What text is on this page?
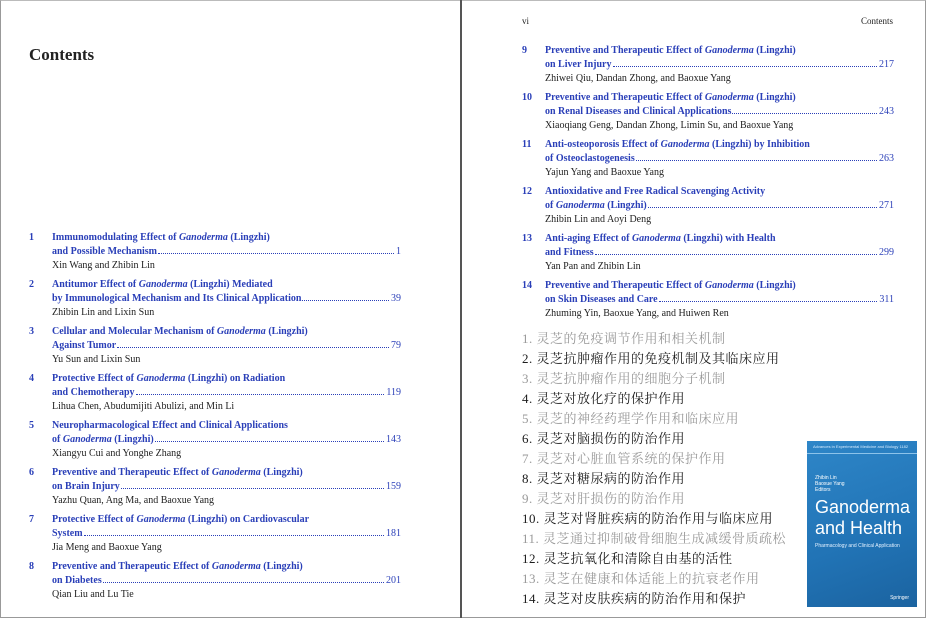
Contents
1 Immunomodulating Effect of Ganoderma (Lingzhi)
and Possible Mechanism	1
Xin Wang and Zhibin Lin
2 Antitumor Effect of Ganoderma (Lingzhi) Mediated
by Immunological Mechanism and Its Clinical Application	39
Zhibin Lin and Lixin Sun
3 Cellular and Molecular Mechanism of Ganoderma (Lingzhi)
Against Tumor	79
Yu Sun and Lixin Sun
4 Protective Effect of Ganoderma (Lingzhi) on Radiation
and Chemotherapy	119
Lihua Chen, Abudumijiti Abulizi, and Min Li
5 Neuropharmacological Effect and Clinical Applications
of Ganoderma (Lingzhi)	143
Xiangyu Cui and Yonghe Zhang
6 Preventive and Therapeutic Effect of Ganoderma (Lingzhi)
on Brain Injury	159
Yazhu Quan, Ang Ma, and Baoxue Yang
7 Protective Effect of Ganoderma (Lingzhi) on Cardiovascular
System	181
Jia Meng and Baoxue Yang
8 Preventive and Therapeutic Effect of Ganoderma (Lingzhi)
on Diabetes	201
Qian Liu and Lu Tie
vi	Contents
9 Preventive and Therapeutic Effect of Ganoderma (Lingzhi)
on Liver Injury	217
Zhiwei Qiu, Dandan Zhong, and Baoxue Yang
10 Preventive and Therapeutic Effect of Ganoderma (Lingzhi)
on Renal Diseases and Clinical Applications	243
Xiaoqiang Geng, Dandan Zhong, Limin Su, and Baoxue Yang
11 Anti-osteoporosis Effect of Ganoderma (Lingzhi) by Inhibition
of Osteoclastogenesis	263
Yajun Yang and Baoxue Yang
12 Antioxidative and Free Radical Scavenging Activity
of Ganoderma (Lingzhi)	271
Zhibin Lin and Aoyi Deng
13 Anti-aging Effect of Ganoderma (Lingzhi) with Health
and Fitness	299
Yan Pan and Zhibin Lin
14 Preventive and Therapeutic Effect of Ganoderma (Lingzhi)
on Skin Diseases and Care	311
Zhuming Yin, Baoxue Yang, and Huiwen Ren
1. 灵芝的免疫调节作用和相关机制
2. 灵芝抗肿瘤作用的免疫机制及其临床应用
3. 灵芝抗肿瘤作用的细胞分子机制
4. 灵芝对放化疗的保护作用
5. 灵芝的神经药理学作用和临床应用
6. 灵芝对脑损伤的防治作用
7. 灵芝对心脏血管系统的保护作用
8. 灵芝对糖尿病的防治作用
9. 灵芝对肝损伤的防治作用
10. 灵芝对肾脏疾病的防治作用与临床应用
11. 灵芝通过抑制破骨细胞生成减缓骨质疏松
12. 灵芝抗氧化和清除自由基的活性
13. 灵芝在健康和体适能上的抗衰老作用
14. 灵芝对皮肤疾病的防治作用和保护
Advances in Experimental Medicine and Biology 1182
Zhibin Lin
Baoxue Yang
Editors
Ganoderma
and Health
Pharmacology and Clinical Application
Springer
